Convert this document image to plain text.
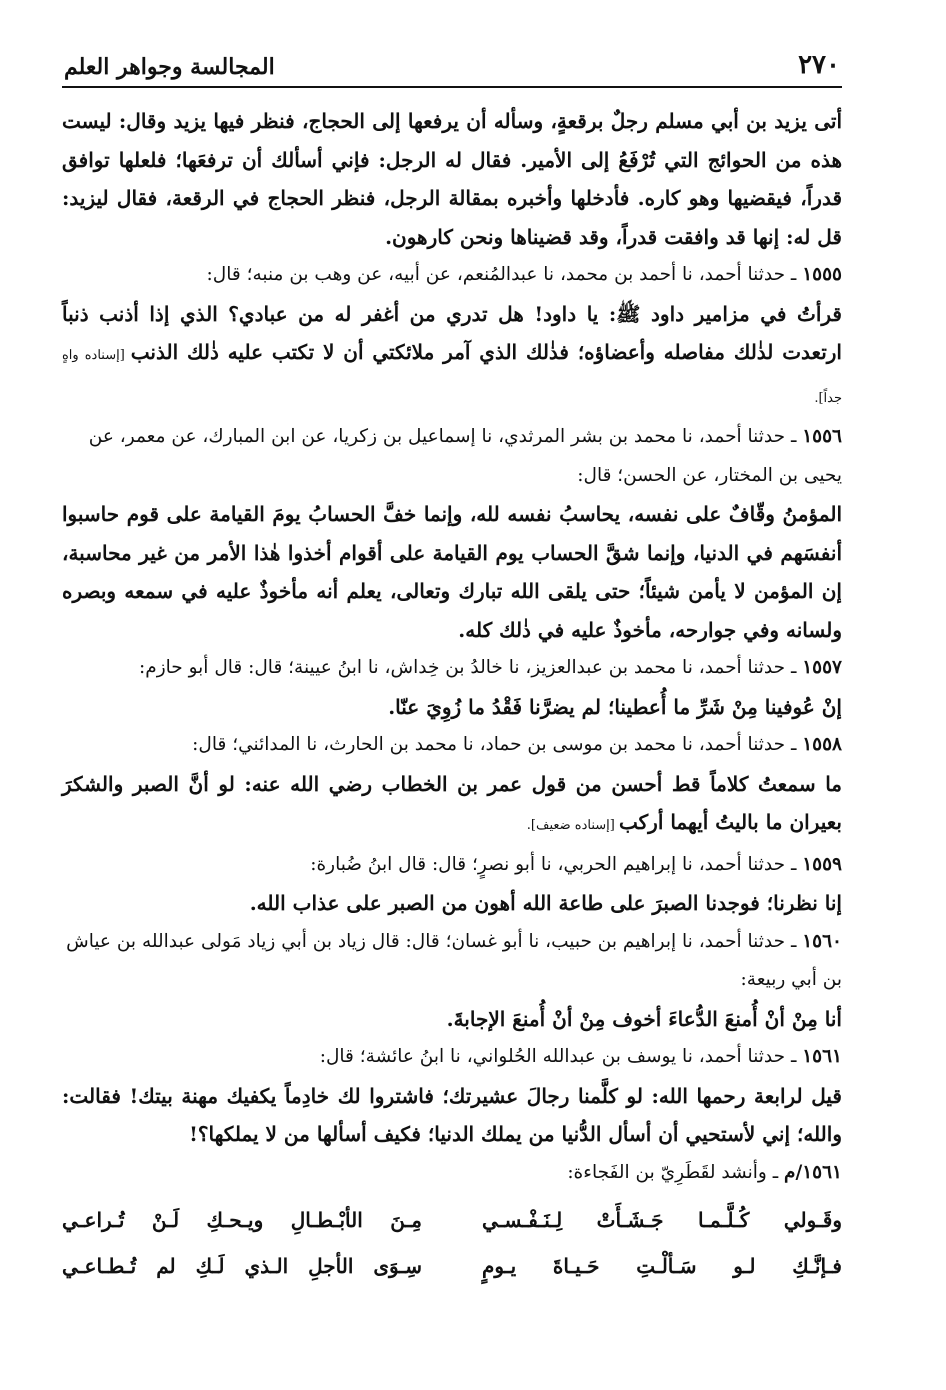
٢٧٠
المجالسة وجواهر العلم

أتى يزيد بن أبي مسلم رجلٌ برقعةٍ، وسأله أن يرفعها إلى الحجاج، فنظر فيها يزيد وقال: ليست هذه من الحوائج التي تُرْفَعُ إلى الأمير. فقال له الرجل: فإني أسألك أن ترفعَها؛ فلعلها توافق قدراً، فيقضيها وهو كاره. فأدخلها وأخبره بمقالة الرجل، فنظر الحجاج في الرقعة، فقال ليزيد: قل له: إنها قد وافقت قدراً، وقد قضيناها ونحن كارهون.

١٥٥٥ ـ حدثنا أحمد، نا أحمد بن محمد، نا عبدالمُنعم، عن أبيه، عن وهب بن منبه؛ قال:

قرأتُ في مزامير داود ﷺ: يا داود! هل تدري من أغفر له من عبادي؟ الذي إذا أذنب ذنباً ارتعدت لذٰلك مفاصله وأعضاؤه؛ فذٰلك الذي آمر ملائكتي أن لا تكتب عليه ذٰلك الذنب [إسناده واهٍ جداً].

١٥٥٦ ـ حدثنا أحمد، نا محمد بن بشر المرثدي، نا إسماعيل بن زكريا، عن ابن المبارك، عن معمر، عن يحيى بن المختار، عن الحسن؛ قال:

المؤمنُ وقّافٌ على نفسه، يحاسبُ نفسه لله، وإنما خفَّ الحسابُ يومَ القيامة على قوم حاسبوا أنفسَهم في الدنيا، وإنما شقَّ الحساب يوم القيامة على أقوام أخذوا هٰذا الأمر من غير محاسبة، إن المؤمن لا يأمن شيئاً؛ حتى يلقى الله تبارك وتعالى، يعلم أنه مأخوذٌ عليه في سمعه وبصره ولسانه وفي جوارحه، مأخوذٌ عليه في ذٰلك كله.

١٥٥٧ ـ حدثنا أحمد، نا محمد بن عبدالعزيز، نا خالدُ بن خِداش، نا ابنُ عيينة؛ قال: قال أبو حازم:

إنْ عُوفينا مِنْ شَرِّ ما أُعطينا؛ لم يضرَّنا فَقْدُ ما زُوِيَ عنّا.

١٥٥٨ ـ حدثنا أحمد، نا محمد بن موسى بن حماد، نا محمد بن الحارث، نا المدائني؛ قال:

ما سمعتُ كلاماً قط أحسن من قول عمر بن الخطاب رضي الله عنه: لو أنَّ الصبر والشكرَ بعيران ما باليتُ أيهما أركب [إسناده ضعيف].

١٥٥٩ ـ حدثنا أحمد، نا إبراهيم الحربي، نا أبو نصرٍ؛ قال: قال ابنُ ضُبارة:

إنا نظرنا؛ فوجدنا الصبرَ على طاعة الله أهون من الصبر على عذاب الله.

١٥٦٠ ـ حدثنا أحمد، نا إبراهيم بن حبيب، نا أبو غسان؛ قال: قال زياد بن أبي زياد مَولى عبدالله بن عياش بن أبي ربيعة:

أنا مِنْ أنْ أُمنعَ الدُّعاءَ أخوف مِنْ أنْ أُمنعَ الإجابةَ.

١٥٦١ ـ حدثنا أحمد، نا يوسف بن عبدالله الحُلواني، نا ابنُ عائشة؛ قال:

قيل لرابعة رحمها الله: لو كلَّمنا رجالَ عشيرتك؛ فاشتروا لك خادِماً يكفيك مهنة بيتك! فقالت: والله؛ إني لأستحيي أن أسأل الدُّنيا من يملك الدنيا؛ فكيف أسألها من لا يملكها؟!

١٥٦١/م ـ وأنشد لقَطَرِيّ بن الفَجاءة:

وقَـولي كُـلَّـمـا جَـشَـأَتْ لِـنَـفْـسـي
مِـنَ الأبْـطـالِ ويـحـكِ لَـنْ تُـراعـي
فـإنَّـكِ لـو سَـألْـتِ حَـيـاةَ يـومٍ
سِـوَى الأجلِ الـذي لَـكِ لم تُـطـاعـي
